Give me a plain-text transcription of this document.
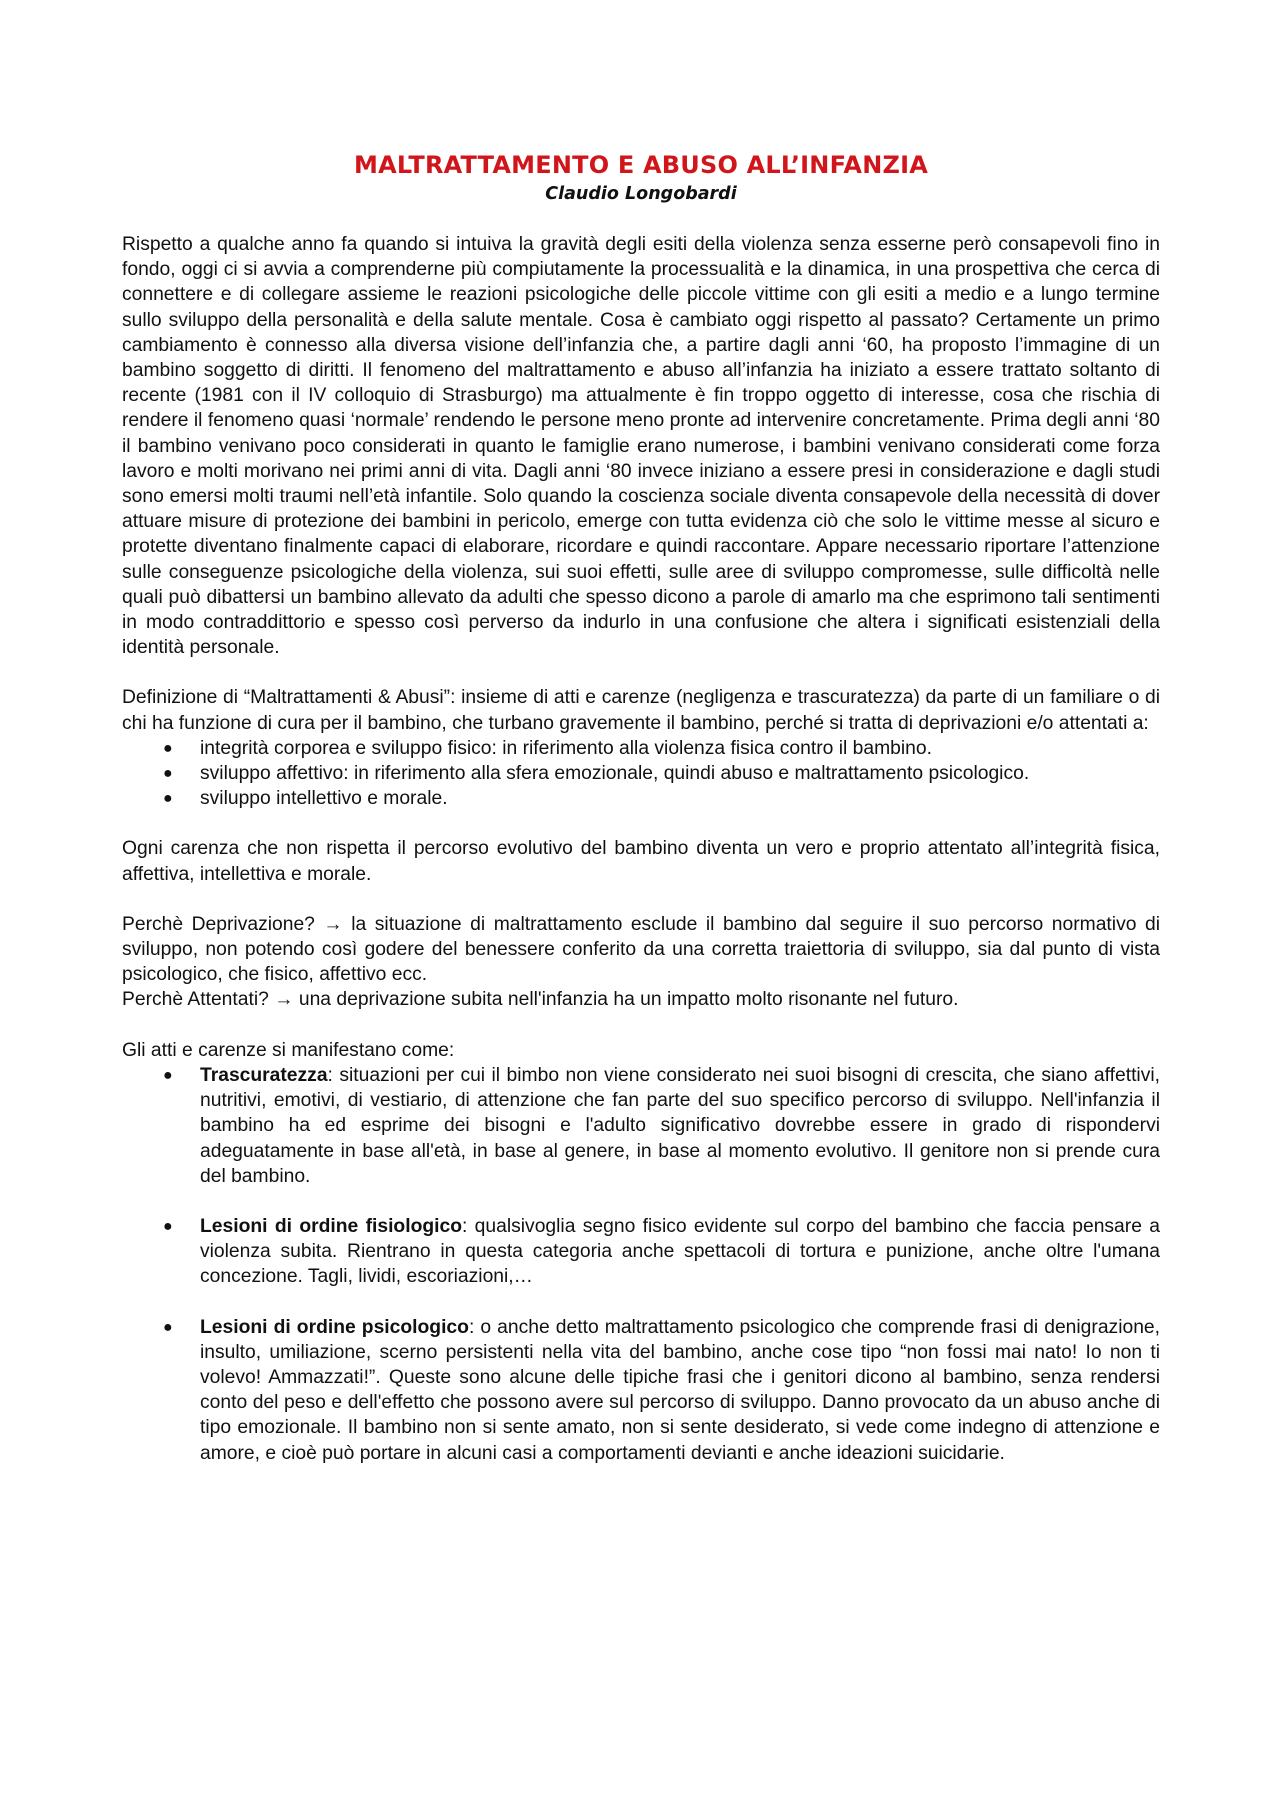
MALTRATTAMENTO E ABUSO ALL’INFANZIA
Claudio Longobardi

Rispetto a qualche anno fa quando si intuiva la gravità degli esiti della violenza senza esserne però consapevoli fino in fondo, oggi ci si avvia a comprenderne più compiutamente la processualità e la dinamica, in una prospettiva che cerca di connettere e di collegare assieme le reazioni psicologiche delle piccole vittime con gli esiti a medio e a lungo termine sullo sviluppo della personalità e della salute mentale. Cosa è cambiato oggi rispetto al passato? Certamente un primo cambiamento è connesso alla diversa visione dell’infanzia che, a partire dagli anni ‘60, ha proposto l’immagine di un bambino soggetto di diritti. Il fenomeno del maltrattamento e abuso all’infanzia ha iniziato a essere trattato soltanto di recente (1981 con il IV colloquio di Strasburgo) ma attualmente è fin troppo oggetto di interesse, cosa che rischia di rendere il fenomeno quasi ‘normale’ rendendo le persone meno pronte ad intervenire concretamente. Prima degli anni ‘80 il bambino venivano poco considerati in quanto le famiglie erano numerose, i bambini venivano considerati come forza lavoro e molti morivano nei primi anni di vita. Dagli anni ‘80 invece iniziano a essere presi in considerazione e dagli studi sono emersi molti traumi nell’età infantile. Solo quando la coscienza sociale diventa consapevole della necessità di dover attuare misure di protezione dei bambini in pericolo, emerge con tutta evidenza ciò che solo le vittime messe al sicuro e protette diventano finalmente capaci di elaborare, ricordare e quindi raccontare. Appare necessario riportare l’attenzione sulle conseguenze psicologiche della violenza, sui suoi effetti, sulle aree di sviluppo compromesse, sulle difficoltà nelle quali può dibattersi un bambino allevato da adulti che spesso dicono a parole di amarlo ma che esprimono tali sentimenti in modo contraddittorio e spesso così perverso da indurlo in una confusione che altera i significati esistenziali della identità personale.

Definizione di “Maltrattamenti & Abusi”: insieme di atti e carenze (negligenza e trascuratezza) da parte di un familiare o di chi ha funzione di cura per il bambino, che turbano gravemente il bambino, perché si tratta di deprivazioni e/o attentati a:

● integrità corporea e sviluppo fisico: in riferimento alla violenza fisica contro il bambino.
● sviluppo affettivo: in riferimento alla sfera emozionale, quindi abuso e maltrattamento psicologico.
● sviluppo intellettivo e morale.

Ogni carenza che non rispetta il percorso evolutivo del bambino diventa un vero e proprio attentato all’integrità fisica, affettiva, intellettiva e morale.

Perchè Deprivazione? → la situazione di maltrattamento esclude il bambino dal seguire il suo percorso normativo di sviluppo, non potendo così godere del benessere conferito da una corretta traiettoria di sviluppo, sia dal punto di vista psicologico, che fisico, affettivo ecc.

Perchè Attentati? → una deprivazione subita nell'infanzia ha un impatto molto risonante nel futuro.

Gli atti e carenze si manifestano come:

● Trascuratezza: situazioni per cui il bimbo non viene considerato nei suoi bisogni di crescita, che siano affettivi, nutritivi, emotivi, di vestiario, di attenzione che fan parte del suo specifico percorso di sviluppo. Nell'infanzia il bambino ha ed esprime dei bisogni e l'adulto significativo dovrebbe essere in grado di rispondervi adeguatamente in base all'età, in base al genere, in base al momento evolutivo. Il genitore non si prende cura del bambino.
● Lesioni di ordine fisiologico: qualsivoglia segno fisico evidente sul corpo del bambino che faccia pensare a violenza subita. Rientrano in questa categoria anche spettacoli di tortura e punizione, anche oltre l'umana concezione. Tagli, lividi, escoriazioni,…
● Lesioni di ordine psicologico: o anche detto maltrattamento psicologico che comprende frasi di denigrazione, insulto, umiliazione, scerno persistenti nella vita del bambino, anche cose tipo “non fossi mai nato! Io non ti volevo! Ammazzati!”. Queste sono alcune delle tipiche frasi che i genitori dicono al bambino, senza rendersi conto del peso e dell'effetto che possono avere sul percorso di sviluppo. Danno provocato da un abuso anche di tipo emozionale. Il bambino non si sente amato, non si sente desiderato, si vede come indegno di attenzione e amore, e cioè può portare in alcuni casi a comportamenti devianti e anche ideazioni suicidarie.
